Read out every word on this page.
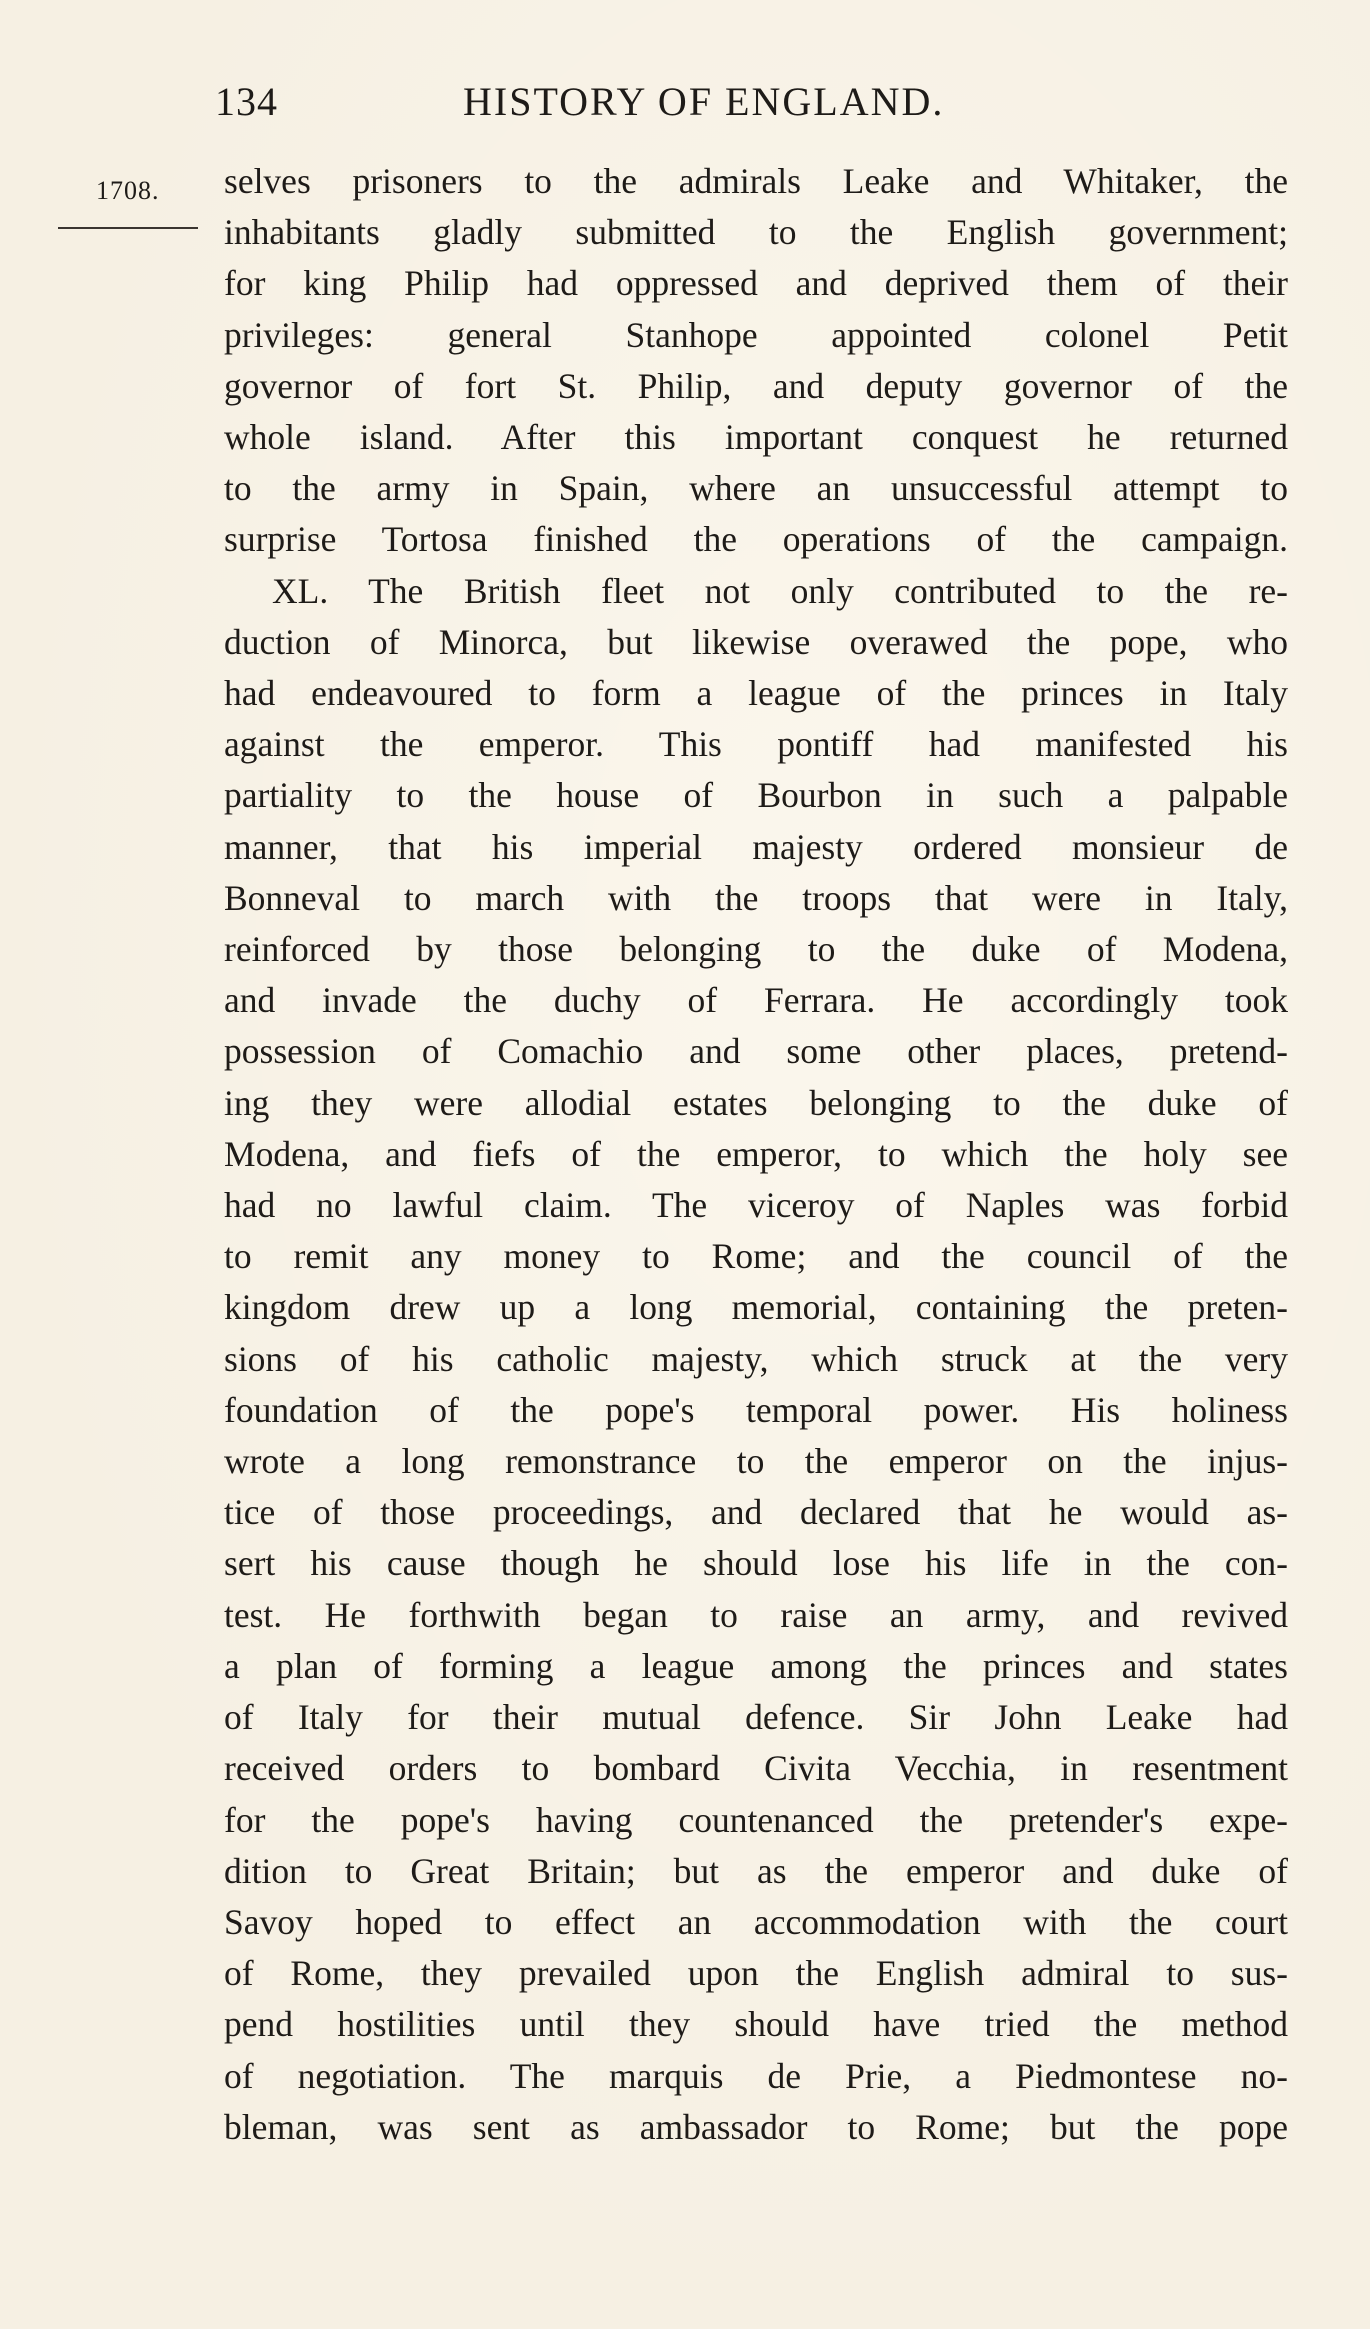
134	HISTORY OF ENGLAND.
1708. selves prisoners to the admirals Leake and Whitaker, the
inhabitants gladly submitted to the English government;
for king Philip had oppressed and deprived them of their
privileges: general Stanhope appointed colonel Petit
governor of fort St. Philip, and deputy governor of the
whole island. After this important conquest he returned
to the army in Spain, where an unsuccessful attempt to
surprise Tortosa finished the operations of the campaign.
XL. The British fleet not only contributed to the re-
duction of Minorca, but likewise overawed the pope, who
had endeavoured to form a league of the princes in Italy
against the emperor. This pontiff had manifested his
partiality to the house of Bourbon in such a palpable
manner, that his imperial majesty ordered monsieur de
Bonneval to march with the troops that were in Italy,
reinforced by those belonging to the duke of Modena,
and invade the duchy of Ferrara. He accordingly took
possession of Comachio and some other places, pretend-
ing they were allodial estates belonging to the duke of
Modena, and fiefs of the emperor, to which the holy see
had no lawful claim. The viceroy of Naples was forbid
to remit any money to Rome; and the council of the
kingdom drew up a long memorial, containing the preten-
sions of his catholic majesty, which struck at the very
foundation of the pope's temporal power. His holiness
wrote a long remonstrance to the emperor on the injus-
tice of those proceedings, and declared that he would as-
sert his cause though he should lose his life in the con-
test. He forthwith began to raise an army, and revived
a plan of forming a league among the princes and states
of Italy for their mutual defence. Sir John Leake had
received orders to bombard Civita Vecchia, in resentment
for the pope's having countenanced the pretender's expe-
dition to Great Britain; but as the emperor and duke of
Savoy hoped to effect an accommodation with the court
of Rome, they prevailed upon the English admiral to sus-
pend hostilities until they should have tried the method
of negotiation. The marquis de Prie, a Piedmontese no-
bleman, was sent as ambassador to Rome; but the pope
